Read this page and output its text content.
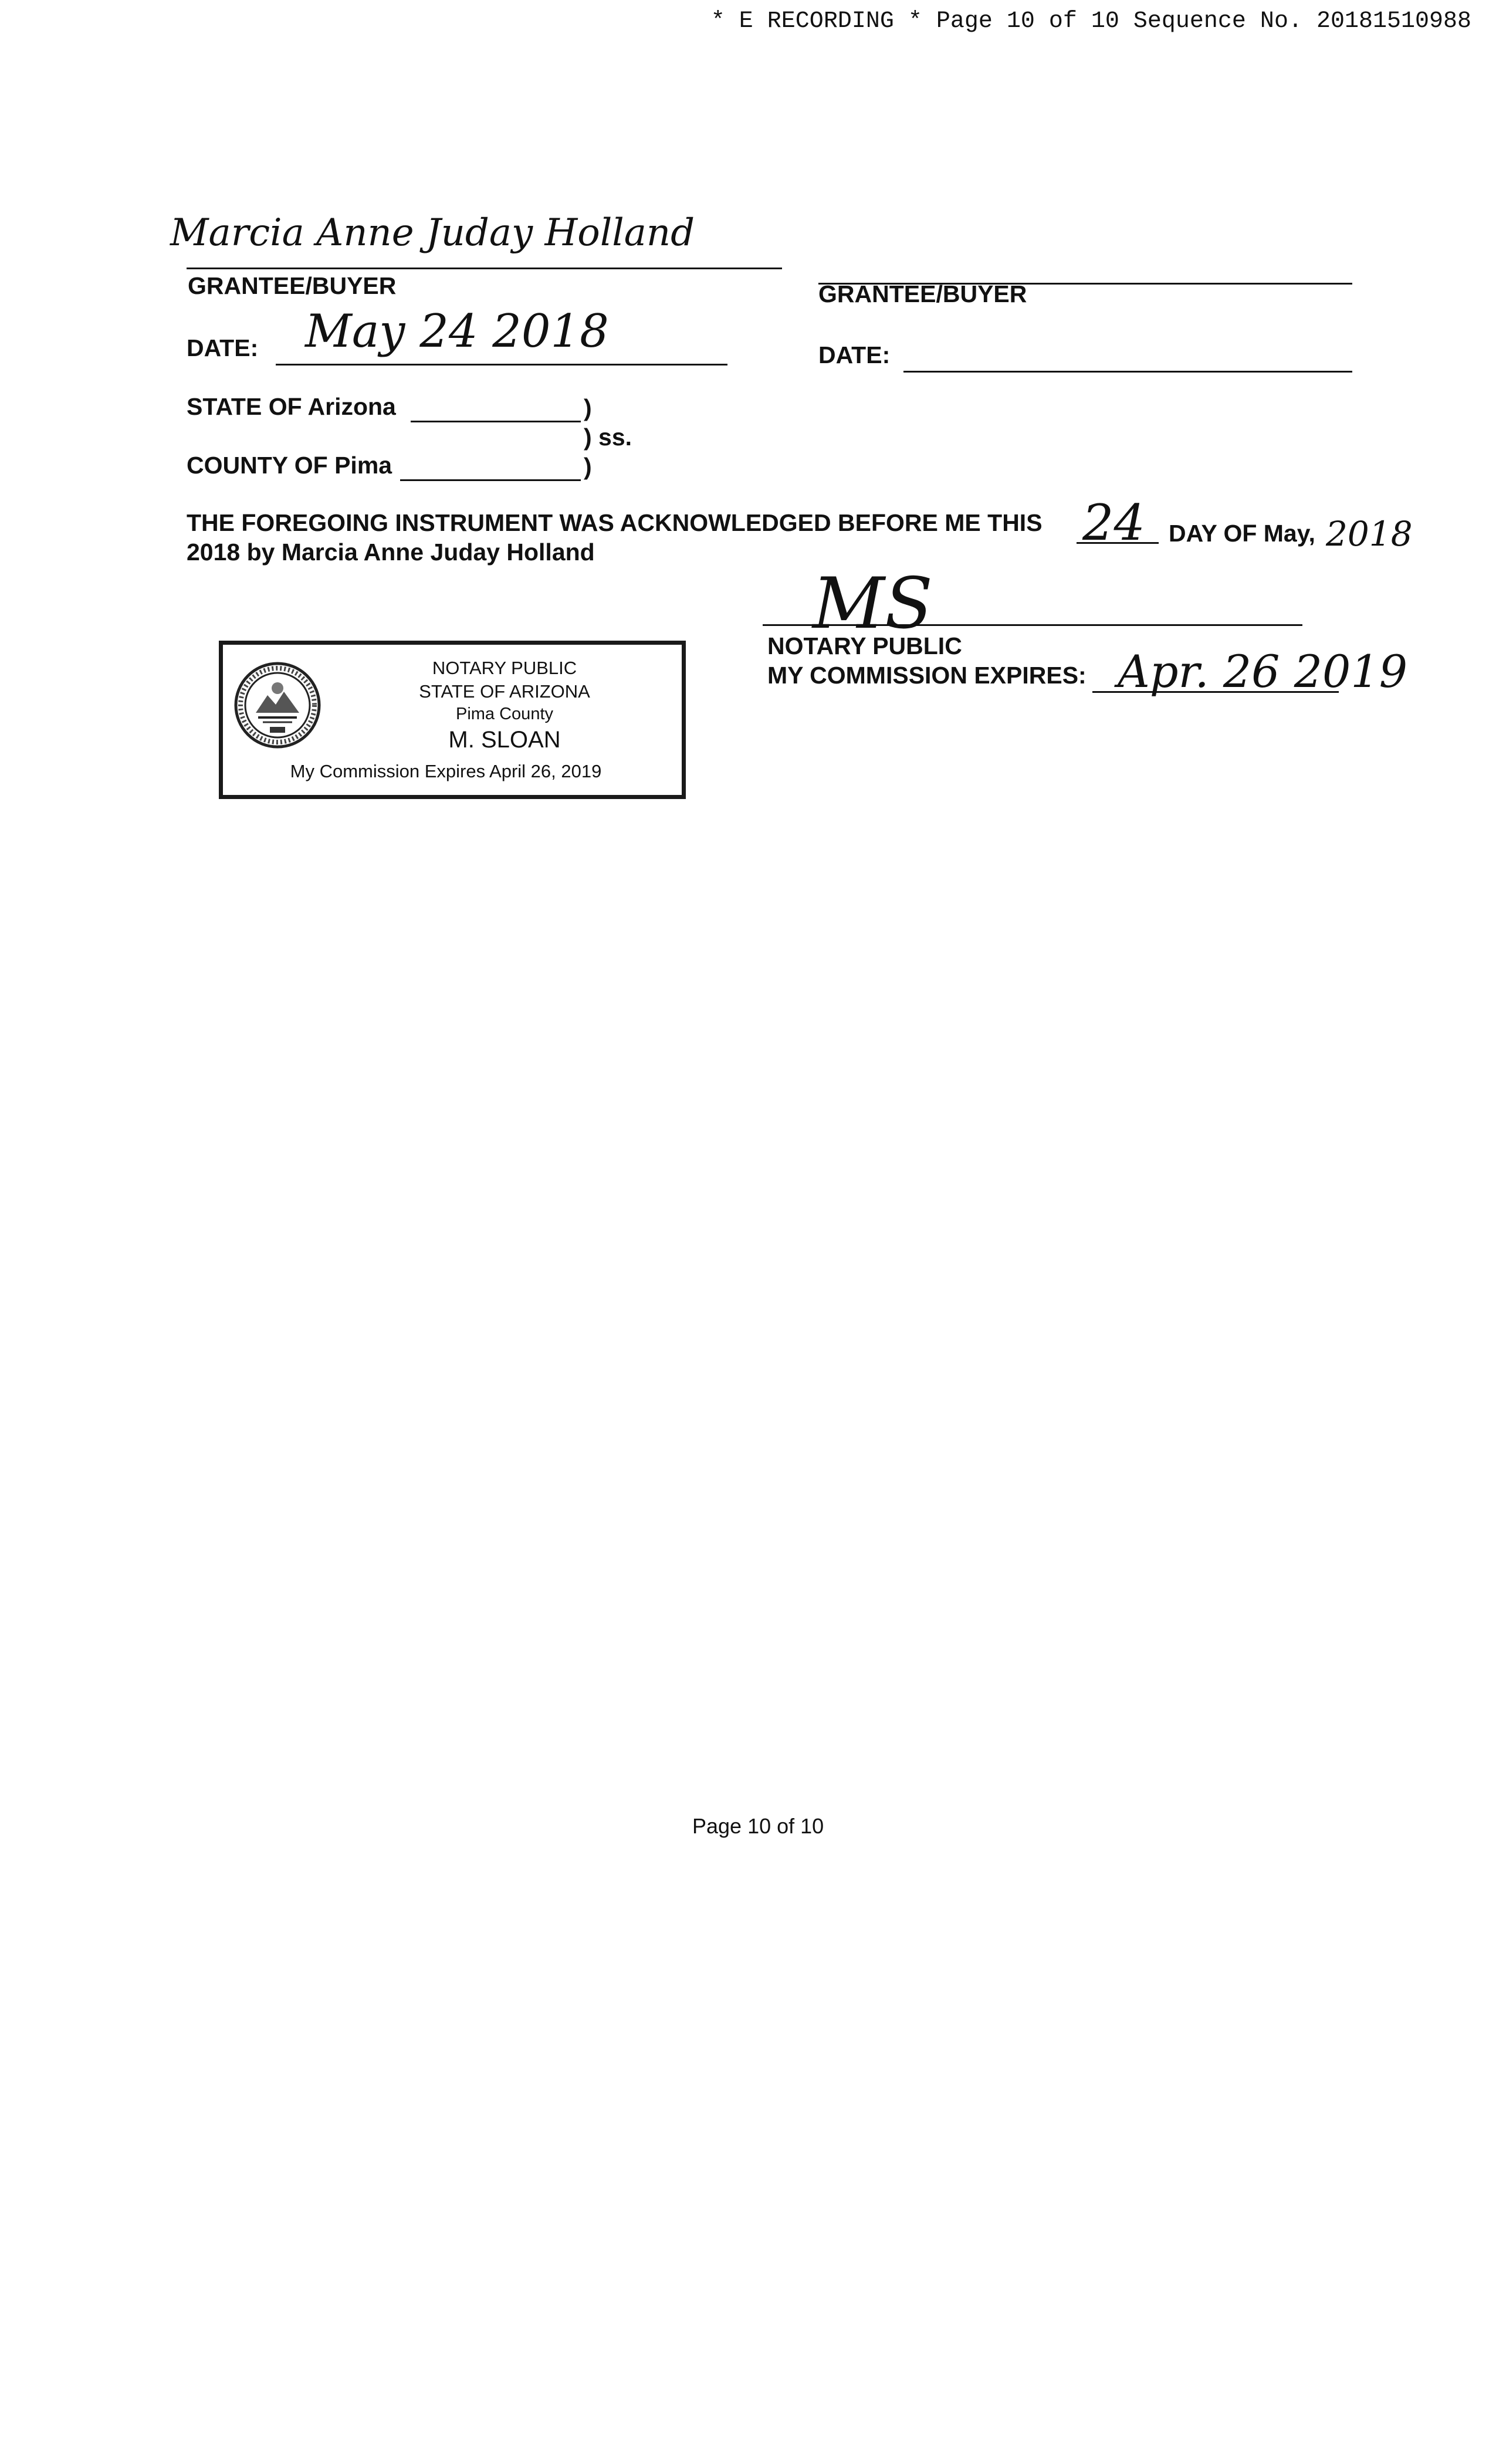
* E RECORDING * Page 10 of 10 Sequence No. 20181510988
Marcia Anne Juday Holland
GRANTEE/BUYER
DATE: May 24 2018
GRANTEE/BUYER
DATE:
STATE OF Arizona	)
) ss.
COUNTY OF Pima	)
THE FOREGOING INSTRUMENT WAS ACKNOWLEDGED BEFORE ME THIS 24 DAY OF May, 2018
2018 by Marcia Anne Juday Holland
MS
NOTARY PUBLIC
MY COMMISSION EXPIRES: Apr. 26 2019
NOTARY PUBLIC
STATE OF ARIZONA
Pima County
M. SLOAN
My Commission Expires April 26, 2019
Page 10 of 10
